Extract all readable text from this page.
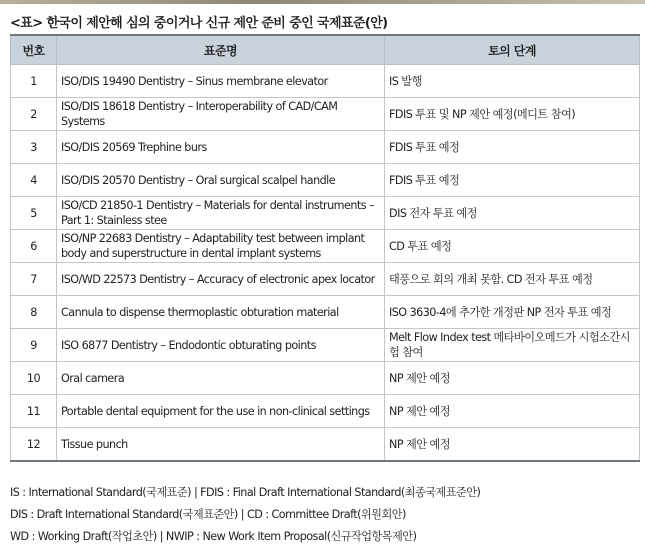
<표> 한국이 제안해 심의 중이거나 신규 제안 준비 중인 국제표준(안)
번호	표준명	토의 단계
1	ISO/DIS 19490 Dentistry – Sinus membrane elevator	IS 발행
2	ISO/DIS 18618 Dentistry – Interoperability of CAD/CAM Systems	FDIS 투표 및 NP 제안 예정(메디트 참여)
3	ISO/DIS 20569 Trephine burs	FDIS 투표 예정
4	ISO/DIS 20570 Dentistry – Oral surgical scalpel handle	FDIS 투표 예정
5	ISO/CD 21850-1 Dentistry – Materials for dental instruments – Part 1: Stainless stee	DIS 전자 투표 예정
6	ISO/NP 22683 Dentistry – Adaptability test between implant body and superstructure in dental implant systems	CD 투표 예정
7	ISO/WD 22573 Dentistry – Accuracy of electronic apex locator	태풍으로 회의 개최 못함. CD 전자 투표 예정
8	Cannula to dispense thermoplastic obturation material	ISO 3630-4에 추가한 개정판 NP 전자 투표 예정
9	ISO 6877 Dentistry – Endodontic obturating points	Melt Flow Index test 메타바이오메드가 시험소간시험 참여
10	Oral camera	NP 제안 예정
11	Portable dental equipment for the use in non-clinical settings	NP 제안 예정
12	Tissue punch	NP 제안 예정
IS : International Standard(국제표준) | FDIS : Final Draft International Standard(최종국제표준안)
DIS : Draft International Standard(국제표준안) | CD : Committee Draft(위원회안)
WD : Working Draft(작업초안) | NWIP : New Work Item Proposal(신규작업항목제안)
